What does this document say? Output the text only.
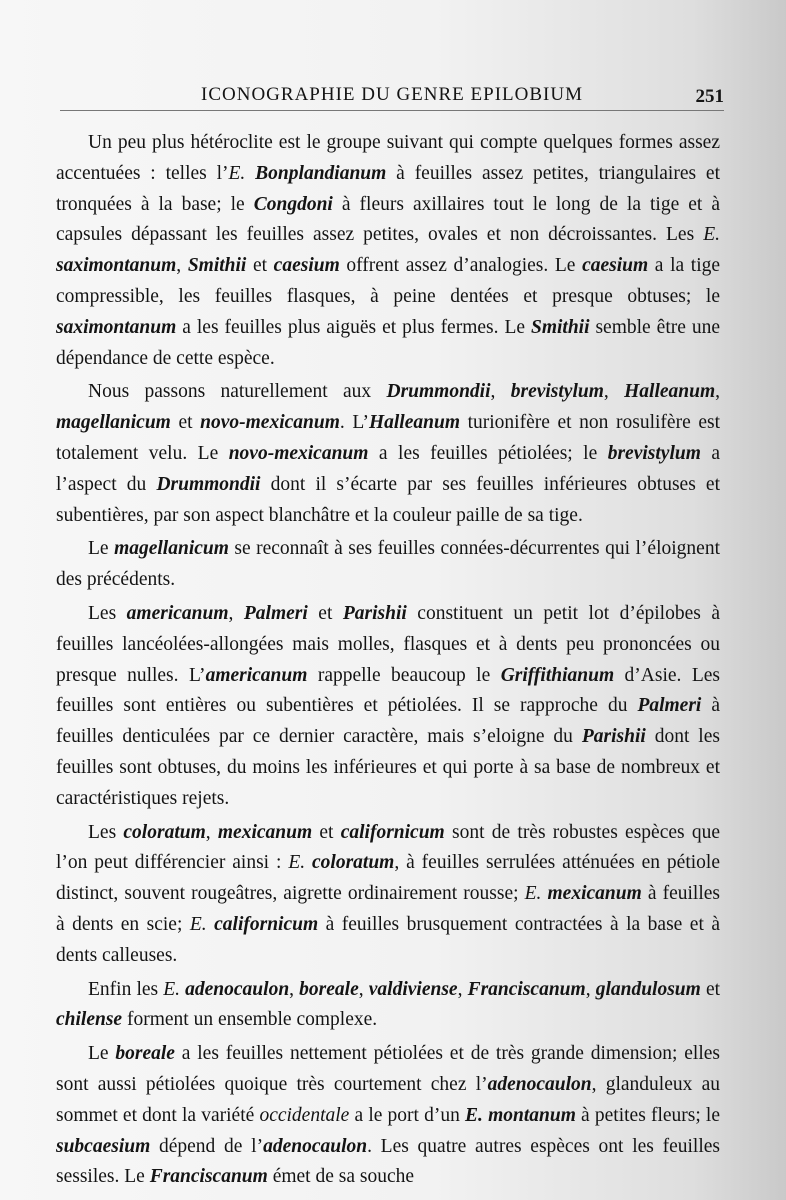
ICONOGRAPHIE DU GENRE EPILOBIUM	251

Un peu plus hétéroclite est le groupe suivant qui compte quelques formes assez accentuées : telles l’E. Bonplandianum à feuilles assez petites, triangulaires et tronquées à la base; le Congdoni à fleurs axillaires tout le long de la tige et à capsules dépassant les feuilles assez petites, ovales et non décroissantes. Les E. saximontanum, Smithii et caesium offrent assez d’analogies. Le caesium a la tige compressible, les feuilles flasques, à peine dentées et presque obtuses; le saximontanum a les feuilles plus aiguës et plus fermes. Le Smithii semble être une dépendance de cette espèce.

Nous passons naturellement aux Drummondii, brevistylum, Halleanum, magellanicum et novo-mexicanum. L’Halleanum turionifère et non rosulifère est totalement velu. Le novo-mexicanum a les feuilles pétiolées; le brevistylum a l’aspect du Drummondii dont il s’écarte par ses feuilles inférieures obtuses et subentières, par son aspect blanchâtre et la couleur paille de sa tige.

Le magellanicum se reconnaît à ses feuilles connées-décurrentes qui l’éloignent des précédents.

Les americanum, Palmeri et Parishii constituent un petit lot d’épilobes à feuilles lancéolées-allongées mais molles, flasques et à dents peu prononcées ou presque nulles. L’americanum rappelle beaucoup le Griffithianum d’Asie. Les feuilles sont entières ou subentières et pétiolées. Il se rapproche du Palmeri à feuilles denticulées par ce dernier caractère, mais s’eloigne du Parishii dont les feuilles sont obtuses, du moins les inférieures et qui porte à sa base de nombreux et caractéristiques rejets.

Les coloratum, mexicanum et californicum sont de très robustes espèces que l’on peut différencier ainsi : E. coloratum, à feuilles serrulées atténuées en pétiole distinct, souvent rougeâtres, aigrette ordinairement rousse; E. mexicanum à feuilles à dents en scie; E. californicum à feuilles brusquement contractées à la base et à dents calleuses.

Enfin les E. adenocaulon, boreale, valdiviense, Franciscanum, glandulosum et chilense forment un ensemble complexe.

Le boreale a les feuilles nettement pétiolées et de très grande dimension; elles sont aussi pétiolées quoique très courtement chez l’adenocaulon, glanduleux au sommet et dont la variété occidentale a le port d’un E. montanum à petites fleurs; le subcaesium dépend de l’adenocaulon. Les quatre autres espèces ont les feuilles sessiles. Le Franciscanum émet de sa souche
